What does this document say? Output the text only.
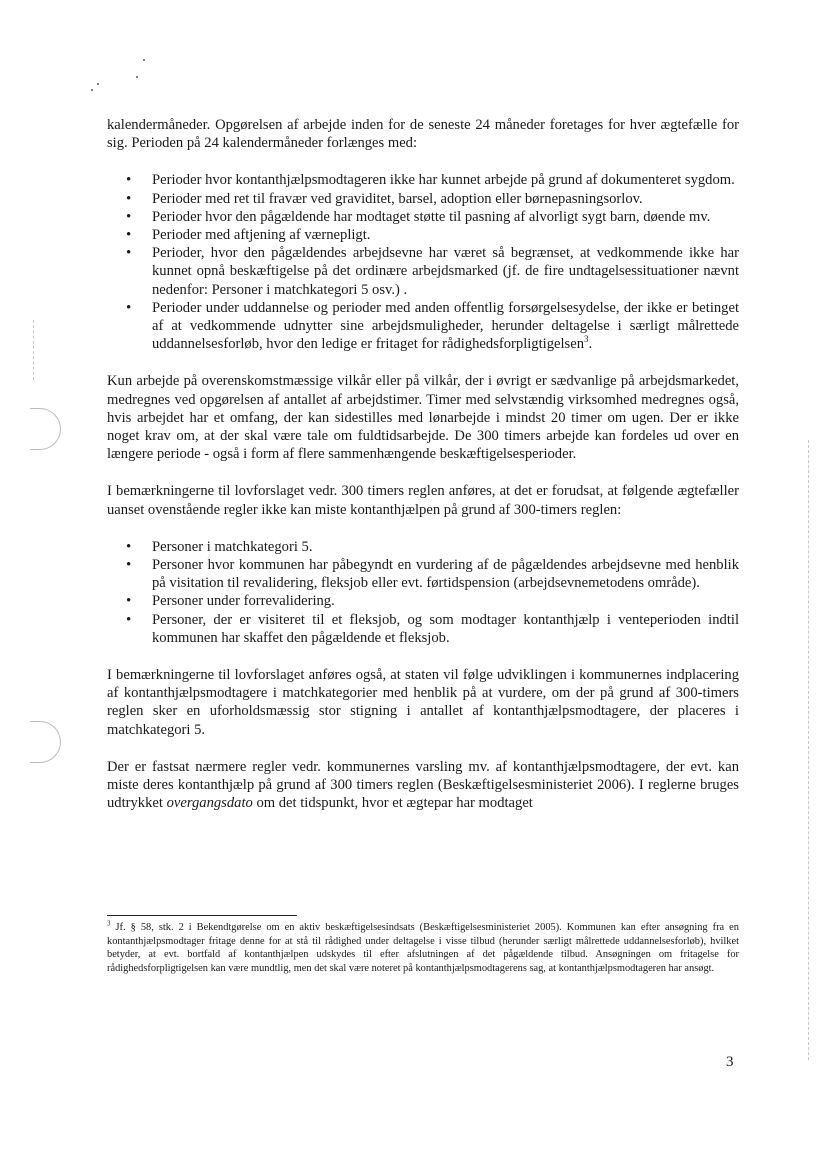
kalendermåneder. Opgørelsen af arbejde inden for de seneste 24 måneder foretages for hver ægtefælle for sig. Perioden på 24 kalendermåneder forlænges med:

• Perioder hvor kontanthjælpsmodtageren ikke har kunnet arbejde på grund af dokumenteret sygdom.
• Perioder med ret til fravær ved graviditet, barsel, adoption eller børnepasningsorlov.
• Perioder hvor den pågældende har modtaget støtte til pasning af alvorligt sygt barn, døende mv.
• Perioder med aftjening af værnepligt.
• Perioder, hvor den pågældendes arbejdsevne har været så begrænset, at vedkommende ikke har kunnet opnå beskæftigelse på det ordinære arbejdsmarked (jf. de fire undtagelsessituationer nævnt nedenfor: Personer i matchkategori 5 osv.) .
• Perioder under uddannelse og perioder med anden offentlig forsørgelsesydelse, der ikke er betinget af at vedkommende udnytter sine arbejdsmuligheder, herunder deltagelse i særligt målrettede uddannelsesforløb, hvor den ledige er fritaget for rådighedsforpligtigelsen$^3$.

Kun arbejde på overenskomstmæssige vilkår eller på vilkår, der i øvrigt er sædvanlige på arbejdsmarkedet, medregnes ved opgørelsen af antallet af arbejdstimer. Timer med selvstændig virksomhed medregnes også, hvis arbejdet har et omfang, der kan sidestilles med lønarbejde i mindst 20 timer om ugen. Der er ikke noget krav om, at der skal være tale om fuldtidsarbejde. De 300 timers arbejde kan fordeles ud over en længere periode - også i form af flere sammenhængende beskæftigelsesperioder.

I bemærkningerne til lovforslaget vedr. 300 timers reglen anføres, at det er forudsat, at følgende ægtefæller uanset ovenstående regler ikke kan miste kontanthjælpen på grund af 300-timers reglen:

• Personer i matchkategori 5.
• Personer hvor kommunen har påbegyndt en vurdering af de pågældendes arbejdsevne med henblik på visitation til revalidering, fleksjob eller evt. førtidspension (arbejdsevnemetodens område).
• Personer under forrevalidering.
• Personer, der er visiteret til et fleksjob, og som modtager kontanthjælp i venteperioden indtil kommunen har skaffet den pågældende et fleksjob.

I bemærkningerne til lovforslaget anføres også, at staten vil følge udviklingen i kommunernes indplacering af kontanthjælpsmodtagere i matchkategorier med henblik på at vurdere, om der på grund af 300-timers reglen sker en uforholdsmæssig stor stigning i antallet af kontanthjælpsmodtagere, der placeres i matchkategori 5.

Der er fastsat nærmere regler vedr. kommunernes varsling mv. af kontanthjælpsmodtagere, der evt. kan miste deres kontanthjælp på grund af 300 timers reglen (Beskæftigelsesministeriet 2006). I reglerne bruges udtrykket overgangsdato om det tidspunkt, hvor et ægtepar har modtaget

$^3$ Jf. § 58, stk. 2 i Bekendtgørelse om en aktiv beskæftigelsesindsats (Beskæftigelsesministeriet 2005). Kommunen kan efter ansøgning fra en kontanthjælpsmodtager fritage denne for at stå til rådighed under deltagelse i visse tilbud (herunder særligt målrettede uddannelsesforløb), hvilket betyder, at evt. bortfald af kontanthjælpen udskydes til efter afslutningen af det pågældende tilbud. Ansøgningen om fritagelse for rådighedsforpligtigelsen kan være mundtlig, men det skal være noteret på kontanthjælpsmodtagerens sag, at kontanthjælpsmodtageren har ansøgt.
3
